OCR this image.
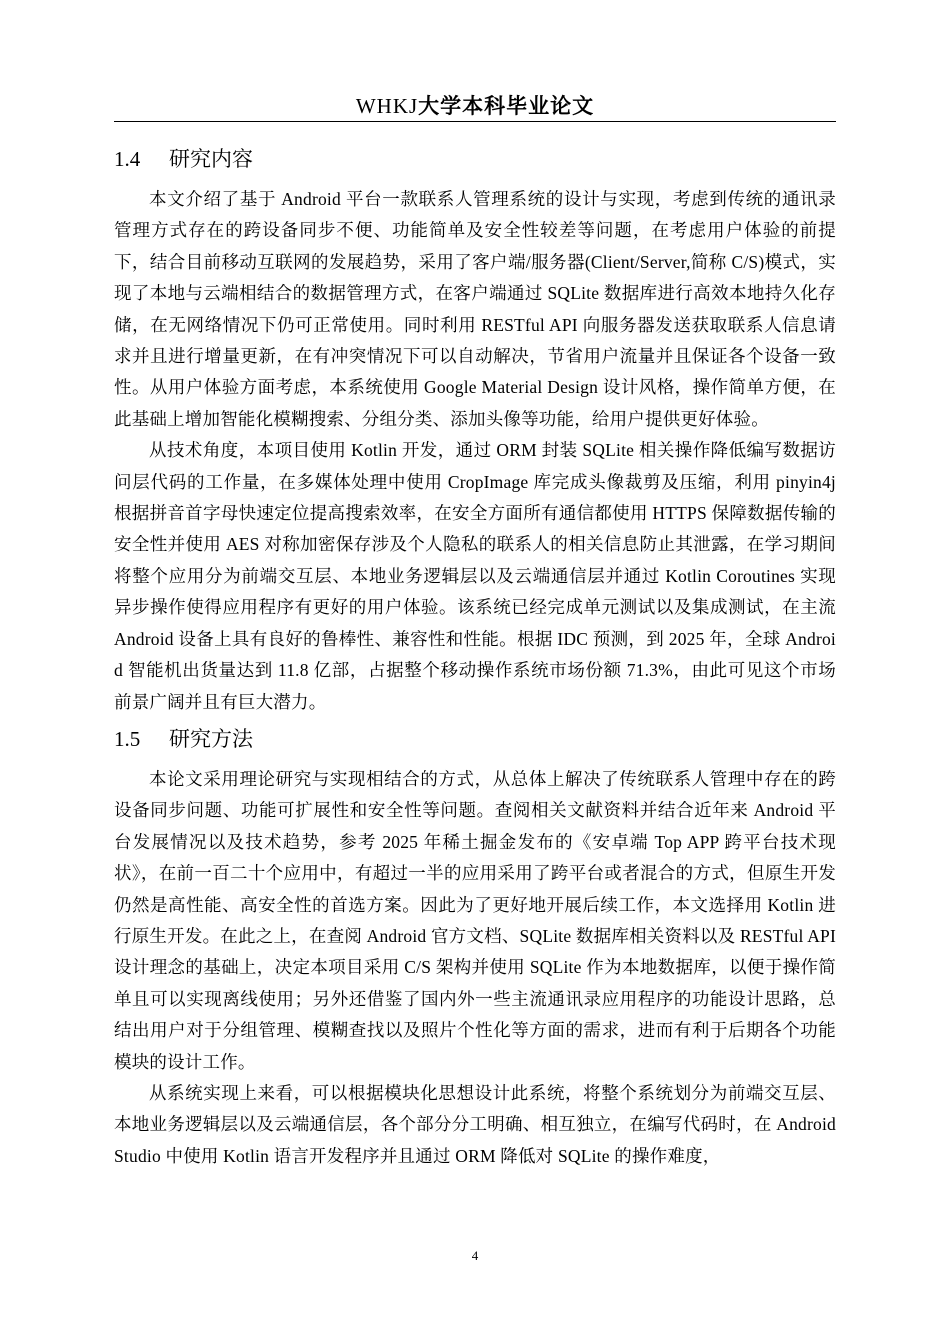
WHKJ大学本科毕业论文
1.4 研究内容

本文介绍了基于 Android 平台一款联系人管理系统的设计与实现，考虑到传统的通讯录管理方式存在的跨设备同步不便、功能简单及安全性较差等问题，在考虑用户体验的前提下，结合目前移动互联网的发展趋势，采用了客户端/服务器(Client/Server,简称 C/S)模式，实现了本地与云端相结合的数据管理方式，在客户端通过 SQLite 数据库进行高效本地持久化存储，在无网络情况下仍可正常使用。同时利用 RESTful API 向服务器发送获取联系人信息请求并且进行增量更新，在有冲突情况下可以自动解决，节省用户流量并且保证各个设备一致性。从用户体验方面考虑，本系统使用 Google Material Design 设计风格，操作简单方便，在此基础上增加智能化模糊搜索、分组分类、添加头像等功能，给用户提供更好体验。

从技术角度，本项目使用 Kotlin 开发，通过 ORM 封装 SQLite 相关操作降低编写数据访问层代码的工作量，在多媒体处理中使用 CropImage 库完成头像裁剪及压缩，利用 pinyin4j 根据拼音首字母快速定位提高搜索效率，在安全方面所有通信都使用 HTTPS 保障数据传输的安全性并使用 AES 对称加密保存涉及个人隐私的联系人的相关信息防止其泄露，在学习期间将整个应用分为前端交互层、本地业务逻辑层以及云端通信层并通过 Kotlin Coroutines 实现异步操作使得应用程序有更好的用户体验。该系统已经完成单元测试以及集成测试，在主流 Android 设备上具有良好的鲁棒性、兼容性和性能。根据 IDC 预测，到 2025 年，全球 Android 智能机出货量达到 11.8 亿部，占据整个移动操作系统市场份额 71.3%，由此可见这个市场前景广阔并且有巨大潜力。

1.5 研究方法

本论文采用理论研究与实现相结合的方式，从总体上解决了传统联系人管理中存在的跨设备同步问题、功能可扩展性和安全性等问题。查阅相关文献资料并结合近年来 Android 平台发展情况以及技术趋势，参考 2025 年稀土掘金发布的《安卓端 Top APP 跨平台技术现状》，在前一百二十个应用中，有超过一半的应用采用了跨平台或者混合的方式，但原生开发仍然是高性能、高安全性的首选方案。因此为了更好地开展后续工作，本文选择用 Kotlin 进行原生开发。在此之上，在查阅 Android 官方文档、SQLite 数据库相关资料以及 RESTful API 设计理念的基础上，决定本项目采用 C/S 架构并使用 SQLite 作为本地数据库，以便于操作简单且可以实现离线使用；另外还借鉴了国内外一些主流通讯录应用程序的功能设计思路，总结出用户对于分组管理、模糊查找以及照片个性化等方面的需求，进而有利于后期各个功能模块的设计工作。

从系统实现上来看，可以根据模块化思想设计此系统，将整个系统划分为前端交互层、本地业务逻辑层以及云端通信层，各个部分分工明确、相互独立，在编写代码时，在 Android Studio 中使用 Kotlin 语言开发程序并且通过 ORM 降低对 SQLite 的操作难度，

4
